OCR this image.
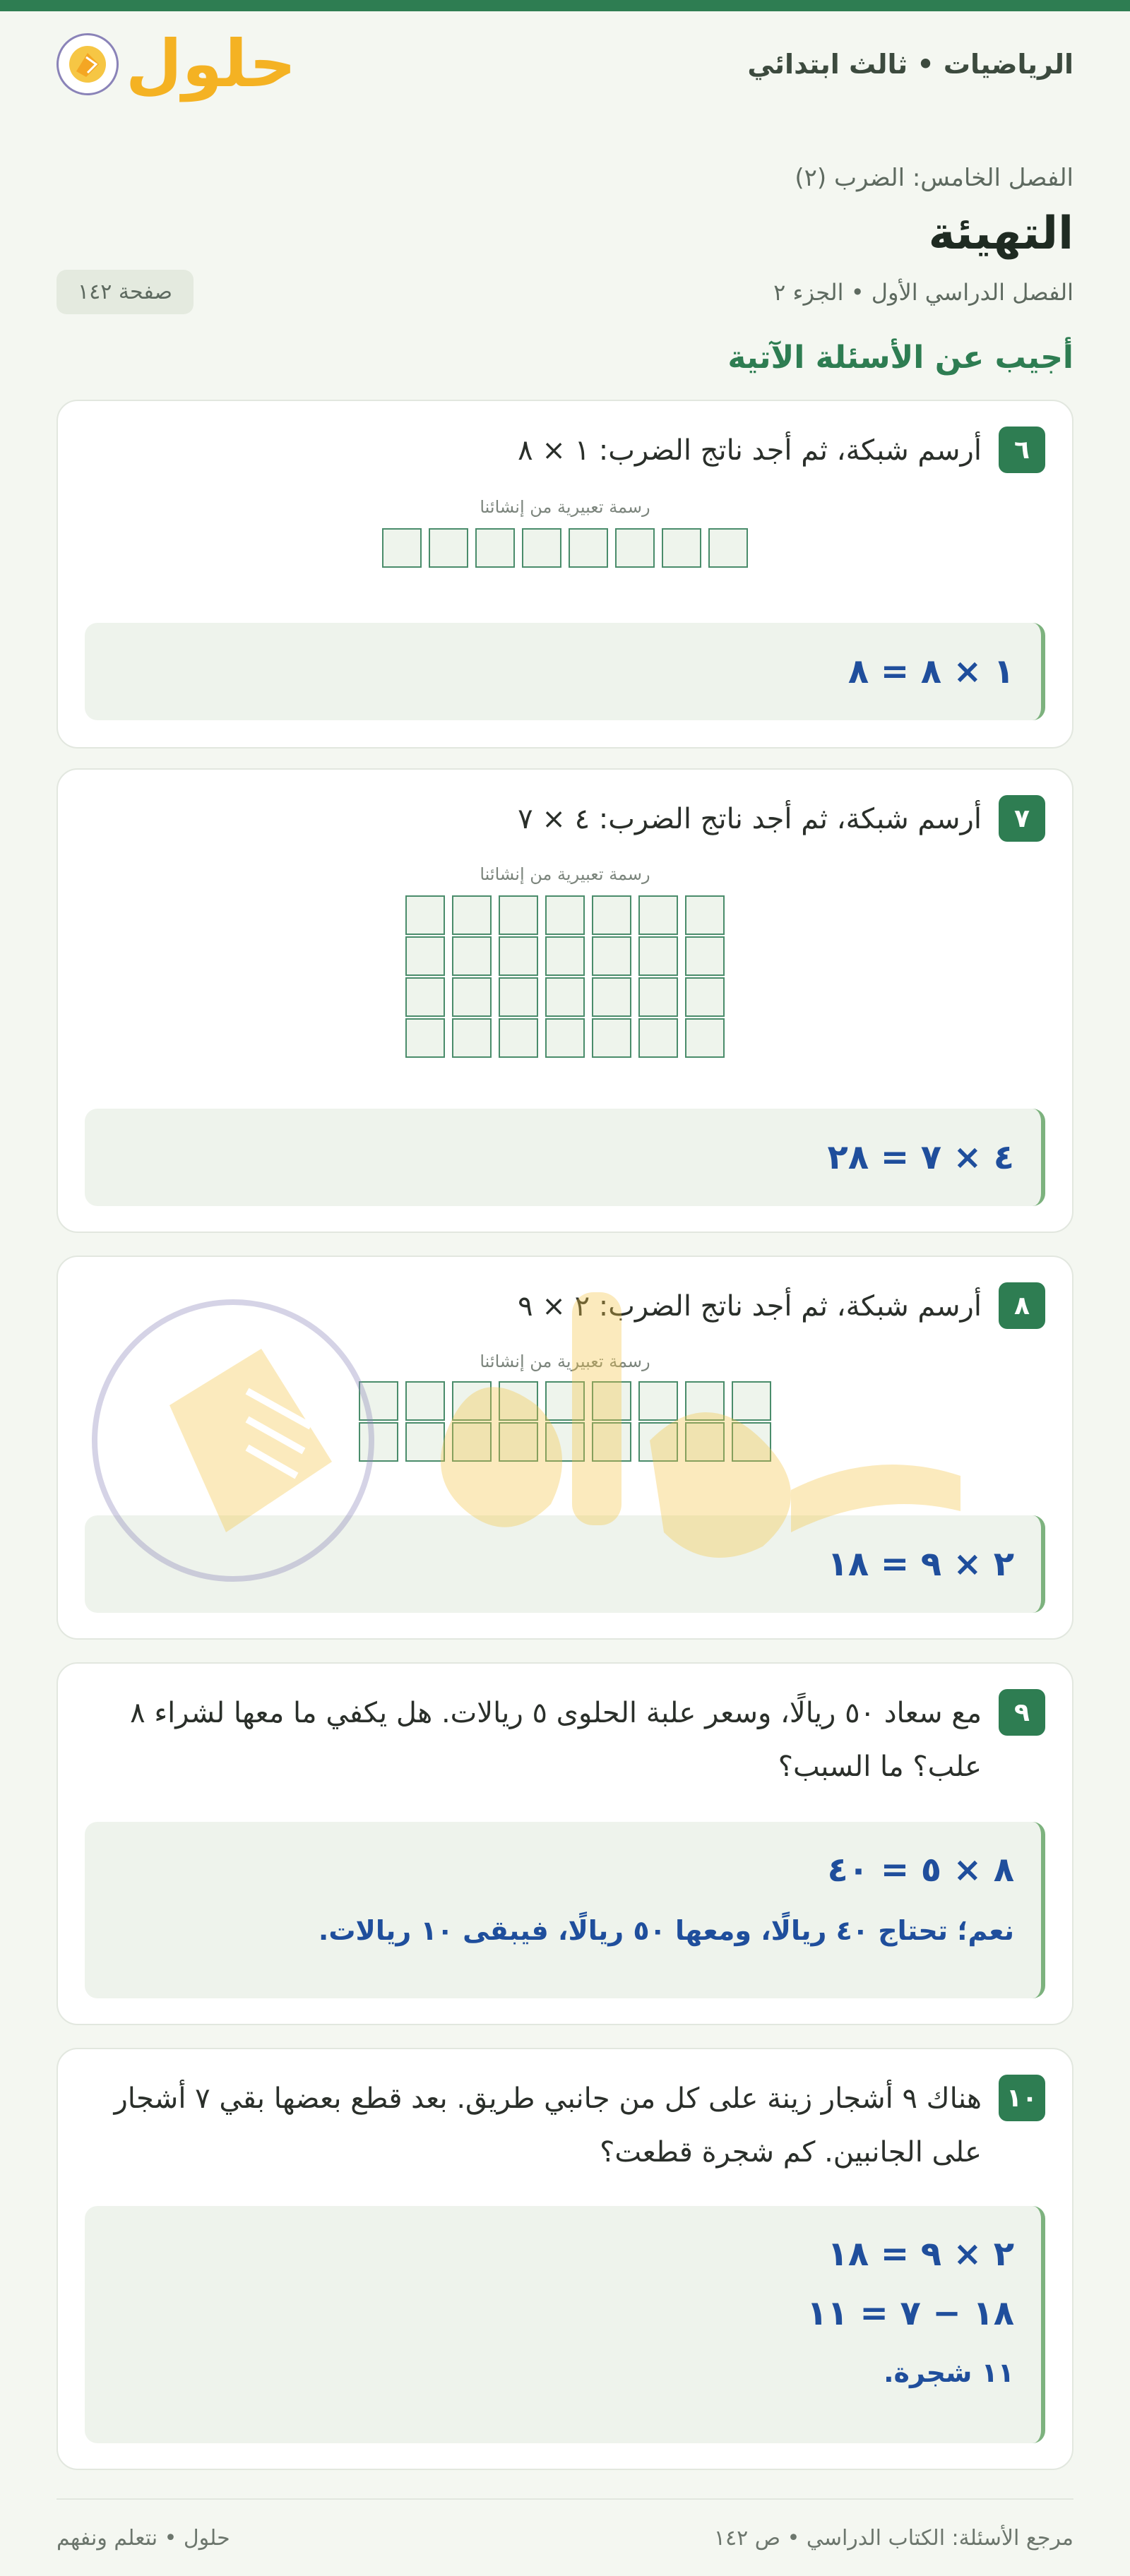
الرياضيات • ثالث ابتدائي
حلول
الفصل الخامس: الضرب (٢)
التهيئة
الفصل الدراسي الأول • الجزء ٢
صفحة ١٤٢
أجيب عن الأسئلة الآتية
٦
أرسم شبكة، ثم أجد ناتج الضرب: ١ × ٨
رسمة تعبيرية من إنشائنا
١ × ٨ = ٨
٧
أرسم شبكة، ثم أجد ناتج الضرب: ٤ × ٧
رسمة تعبيرية من إنشائنا
٤ × ٧ = ٢٨
٨
أرسم شبكة، ثم أجد ناتج الضرب: ٢ × ٩
رسمة تعبيرية من إنشائنا
٢ × ٩ = ١٨
٩
مع سعاد ٥٠ ريالًا، وسعر علبة الحلوى ٥ ريالات. هل يكفي ما معها لشراء ٨ علب؟ ما السبب؟
٨ × ٥ = ٤٠
نعم؛ تحتاج ٤٠ ريالًا، ومعها ٥٠ ريالًا، فيبقى ١٠ ريالات.
١٠
هناك ٩ أشجار زينة على كل من جانبي طريق. بعد قطع بعضها بقي ٧ أشجار على الجانبين. كم شجرة قطعت؟
٢ × ٩ = ١٨
١٨ − ٧ = ١١
١١ شجرة.
مرجع الأسئلة: الكتاب الدراسي • ص ١٤٢
حلول • نتعلم ونفهم
